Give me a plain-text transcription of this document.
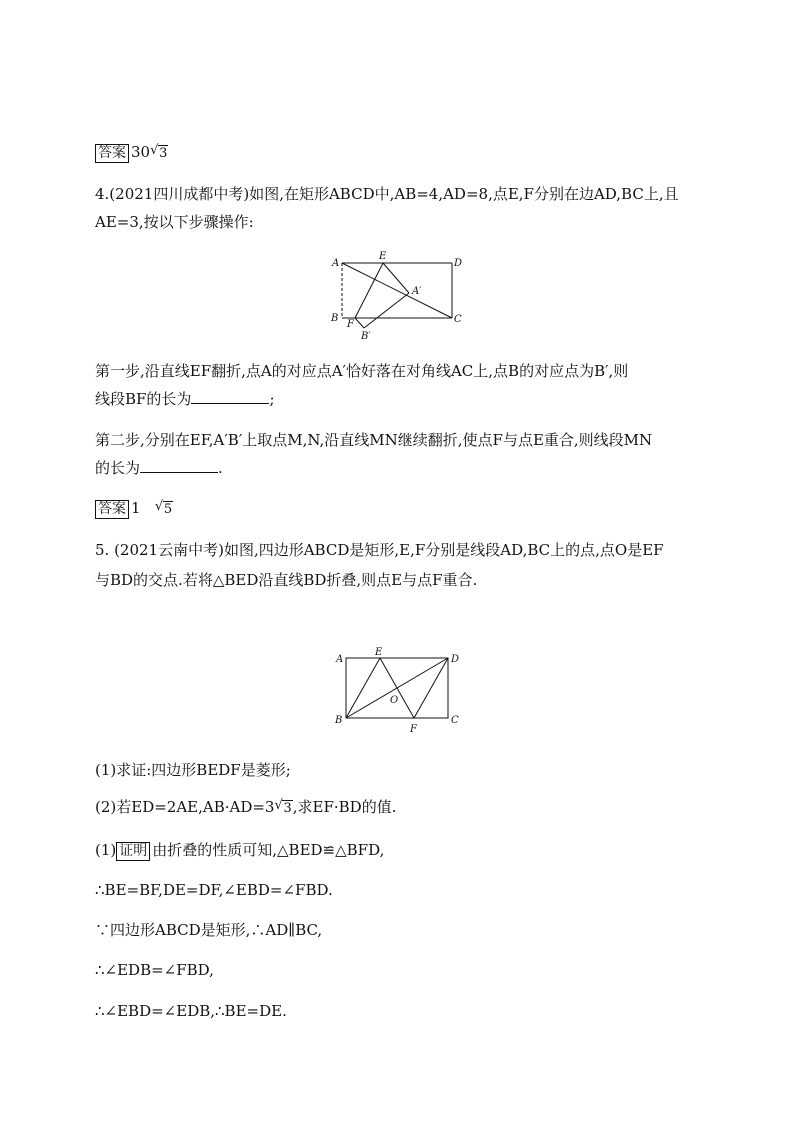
答案 30 √ 3
4.(2021四川成都中考)如图,在矩形ABCD中,AB=4,AD=8,点E,F分别在边AD,BC上,且
AE=3,按以下步骤操作:
A
E
D
A′
B
F
B′
C
第一步,沿直线EF翻折,点A的对应点A′恰好落在对角线AC上,点B的对应点为B′,则
线段BF的长为	;
第二步,分别在EF,A′B′上取点M,N,沿直线MN继续翻折,使点F与点E重合,则线段MN
的长为	.
答案 1 √ 5
5. (2021云南中考)如图,四边形ABCD是矩形,E,F分别是线段AD,BC上的点,点O是EF
与BD的交点.若将△BED沿直线BD折叠,则点E与点F重合.
A
E
D
O
B
F
C
(1)求证:四边形BEDF是菱形;
(2)若ED=2AE,AB·AD=3 √ 3,求EF·BD的值.
(1) 证明 由折叠的性质可知,△BED≌△BFD,
∴BE=BF,DE=DF,∠EBD=∠FBD.
∵四边形ABCD是矩形,∴AD∥BC,
∴∠EDB=∠FBD,
∴∠EBD=∠EDB,∴BE=DE.
